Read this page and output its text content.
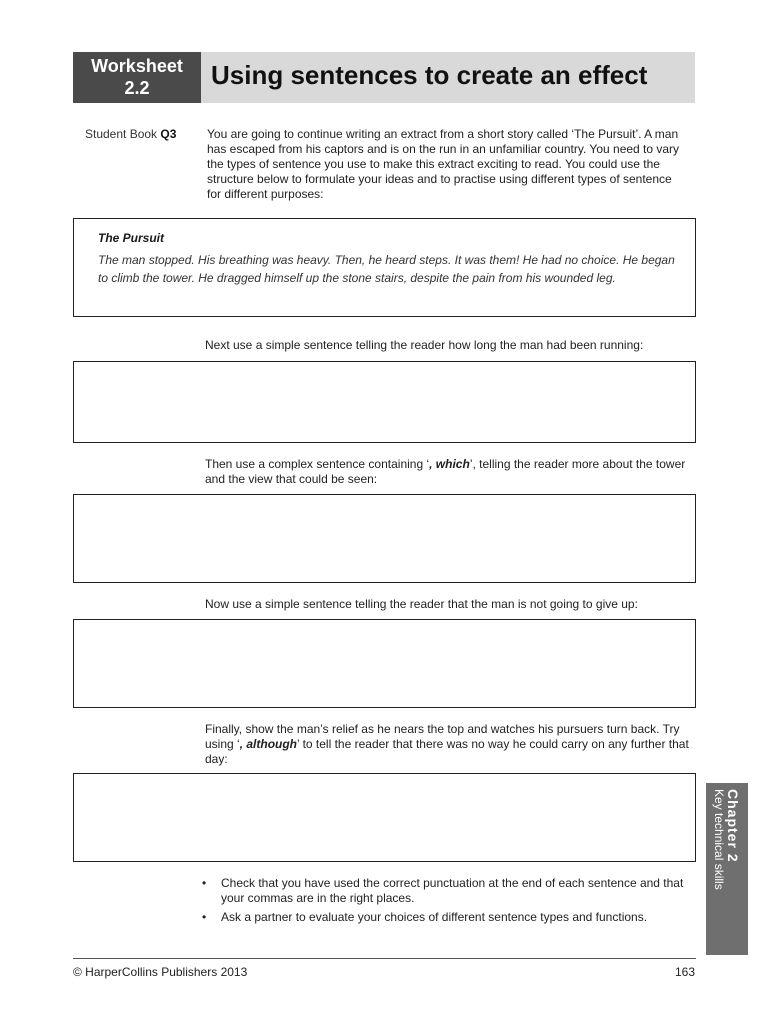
Worksheet
2.2	Using sentences to create an effect
Student Book Q3	You are going to continue writing an extract from a short story called ‘The Pursuit’. A man has escaped from his captors and is on the run in an unfamiliar country. You need to vary the types of sentence you use to make this extract exciting to read. You could use the structure below to formulate your ideas and to practise using different types of sentence for different purposes:
The Pursuit
The man stopped. His breathing was heavy. Then, he heard steps. It was them! He had no choice. He began to climb the tower. He dragged himself up the stone stairs, despite the pain from his wounded leg.
Next use a simple sentence telling the reader how long the man had been running:
Then use a complex sentence containing ‘, which’, telling the reader more about the tower and the view that could be seen:
Now use a simple sentence telling the reader that the man is not going to give up:
Finally, show the man’s relief as he nears the top and watches his pursuers turn back. Try using ‘, although’ to tell the reader that there was no way he could carry on any further that day:
•	Check that you have used the correct punctuation at the end of each sentence and that your commas are in the right places.
•	Ask a partner to evaluate your choices of different sentence types and functions.
Chapter 2
Key technical skills
© HarperCollins Publishers 2013	163
